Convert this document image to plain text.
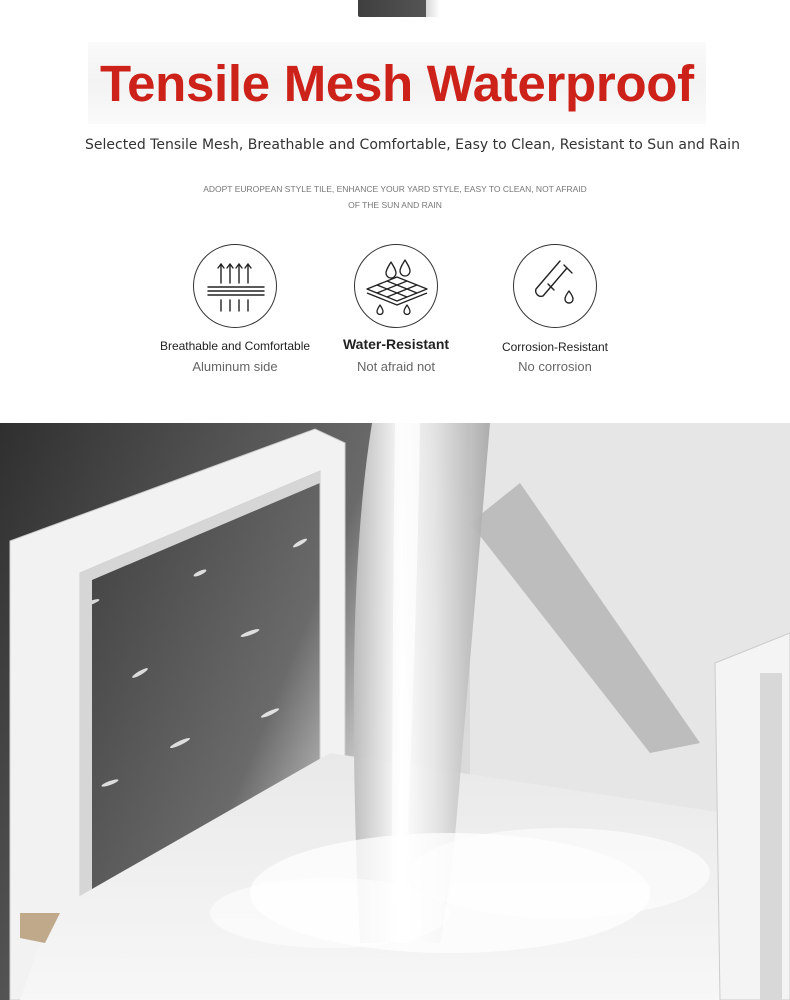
Tensile Mesh Waterproof
Selected Tensile Mesh, Breathable and Comfortable, Easy to Clean, Resistant to Sun and Rain
ADOPT EUROPEAN STYLE TILE, ENHANCE YOUR YARD STYLE, EASY TO CLEAN, NOT AFRAID
OF THE SUN AND RAIN
Breathable and Comfortable
Aluminum side
Water-Resistant
Not afraid not
Corrosion-Resistant
No corrosion
